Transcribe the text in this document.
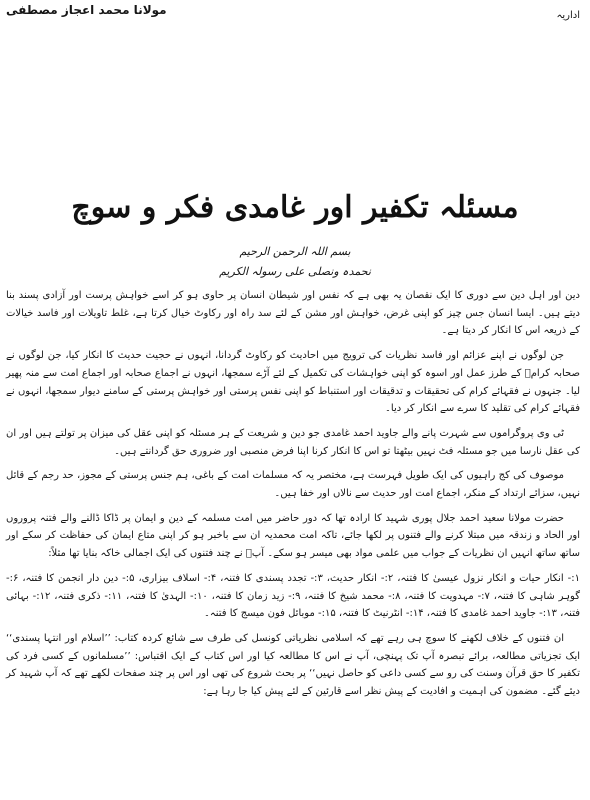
مولانا محمد اعجاز مصطفی	اداریہ
مسئلہ تکفیر اور غامدی فکر و سوچ
بسم اللہ الرحمن الرحیم
نحمدہ ونصلی علی رسولہ الکریم

دین اور اہل دین سے دوری کا ایک نقصان یہ بھی ہے کہ نفس اور شیطان انسان پر حاوی ہو کر اسے خواہش پرست اور آزادی پسند بنا دیتے ہیں۔ ایسا انسان جس چیز کو اپنی غرض، خواہش اور مشن کے لئے سد راہ اور رکاوٹ خیال کرتا ہے، غلط تاویلات اور فاسد خیالات کے ذریعہ اس کا انکار کر دیتا ہے۔

جن لوگوں نے اپنے عزائم اور فاسد نظریات کی ترویج میں احادیث کو رکاوٹ گردانا، انہوں نے حجیت حدیث کا انکار کیا، جن لوگوں نے صحابہ کرامؓ کے طرز عمل اور اسوہ کو اپنی خواہشات کی تکمیل کے لئے آڑے سمجھا، انہوں نے اجماع صحابہ اور اجماع امت سے منہ پھیر لیا۔ جنہوں نے فقہائے کرام کی تحقیقات و تدقیقات اور استنباط کو اپنی نفس پرستی اور خواہش پرستی کے سامنے دیوار سمجھا، انہوں نے فقہائے کرام کی تقلید کا سرے سے انکار کر دیا۔

ٹی وی پروگراموں سے شہرت پانے والے جاوید احمد غامدی جو دین و شریعت کے ہر مسئلہ کو اپنی عقل کی میزان پر تولتے ہیں اور ان کی عقل نارسا میں جو مسئلہ فٹ نہیں بیٹھتا تو اس کا انکار کرنا اپنا فرض منصبی اور ضروری حق گردانتے ہیں۔

موصوف کی کج راہیوں کی ایک طویل فہرست ہے، مختصر یہ کہ مسلمات امت کے باغی، ہم جنس پرستی کے مجوز، حد رجم کے قائل نہیں، سزائے ارتداد کے منکر، اجماع امت اور حدیث سے نالاں اور خفا ہیں۔

حضرت مولانا سعید احمد جلال پوری شہید کا ارادہ تھا کہ دور حاضر میں امت مسلمہ کے دین و ایمان پر ڈاکا ڈالنے والے فتنہ پروروں اور الحاد و زندقہ میں مبتلا کرنے والے فتنوں پر لکھا جائے، تاکہ امت محمدیہ ان سے باخبر ہو کر اپنی متاع ایمان کی حفاظت کر سکے اور ساتھ ساتھ انہیں ان نظریات کے جواب میں علمی مواد بھی میسر ہو سکے۔ آپؒ نے چند فتنوں کی ایک اجمالی خاکہ بنایا تھا مثلاً:

۱:- انکار حیات و انکار نزول عیسیٰ کا فتنہ، ۲:- انکار حدیث، ۳:- تجدد پسندی کا فتنہ، ۴:- اسلاف بیزاری، ۵:- دین دار انجمن کا فتنہ، ۶:- گوہر شاہی کا فتنہ، ۷:- مہدویت کا فتنہ، ۸:- محمد شیخ کا فتنہ، ۹:- زید زمان کا فتنہ، ۱۰:- الہدیٰ کا فتنہ، ۱۱:- ذکری فتنہ، ۱۲:- بہائی فتنہ، ۱۳:- جاوید احمد غامدی کا فتنہ، ۱۴:- انٹرنیٹ کا فتنہ، ۱۵:- موبائل فون میسج کا فتنہ۔

ان فتنوں کے خلاف لکھنے کا سوچ ہی رہے تھے کہ اسلامی نظریاتی کونسل کی طرف سے شائع کردہ کتاب: ’’اسلام اور انتہا پسندی‘‘ ایک تجزیاتی مطالعہ، برائے تبصرہ آپ تک پہنچی، آپ نے اس کا مطالعہ کیا اور اس کتاب کے ایک اقتباس: ’’مسلمانوں کے کسی فرد کی تکفیر کا حق قرآن وسنت کی رو سے کسی داعی کو حاصل نہیں‘‘ پر بحث شروع کی تھی اور اس پر چند صفحات لکھے تھے کہ آپ شہید کر دیئے گئے۔ مضمون کی اہمیت و افادیت کے پیش نظر اسے قارئین کے لئے پیش کیا جا رہا ہے:
